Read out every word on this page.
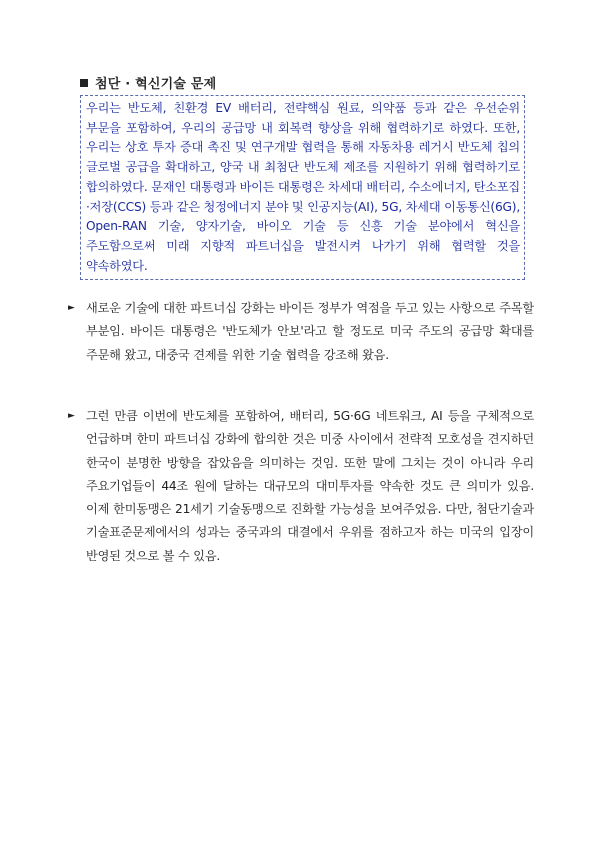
첨단 · 혁신기술 문제

우리는 반도체, 친환경 EV 배터리, 전략핵심 원료, 의약품 등과 같은 우선순위 부문을 포함하여, 우리의 공급망 내 회복력 향상을 위해 협력하기로 하였다. 또한, 우리는 상호 투자 증대 촉진 및 연구개발 협력을 통해 자동차용 레거시 반도체 칩의 글로벌 공급을 확대하고, 양국 내 최첨단 반도체 제조를 지원하기 위해 협력하기로 합의하였다. 문재인 대통령과 바이든 대통령은 차세대 배터리, 수소에너지, 탄소포집·저장(CCS) 등과 같은 청정에너지 분야 및 인공지능(AI), 5G, 차세대 이동통신(6G), Open-RAN 기술, 양자기술, 바이오 기술 등 신흥 기술 분야에서 혁신을 주도함으로써 미래 지향적 파트너십을 발전시켜 나가기 위해 협력할 것을 약속하였다.

► 새로운 기술에 대한 파트너십 강화는 바이든 정부가 역점을 두고 있는 사항으로 주목할 부분임. 바이든 대통령은 '반도체가 안보'라고 할 정도로 미국 주도의 공급망 확대를 주문해 왔고, 대중국 견제를 위한 기술 협력을 강조해 왔음.

► 그런 만큼 이번에 반도체를 포함하여, 배터리, 5G·6G 네트워크, AI 등을 구체적으로 언급하며 한미 파트너십 강화에 합의한 것은 미중 사이에서 전략적 모호성을 견지하던 한국이 분명한 방향을 잡았음을 의미하는 것임. 또한 말에 그치는 것이 아니라 우리 주요기업들이 44조 원에 달하는 대규모의 대미투자를 약속한 것도 큰 의미가 있음. 이제 한미동맹은 21세기 기술동맹으로 진화할 가능성을 보여주었음. 다만, 첨단기술과 기술표준문제에서의 성과는 중국과의 대결에서 우위를 점하고자 하는 미국의 입장이 반영된 것으로 볼 수 있음.
